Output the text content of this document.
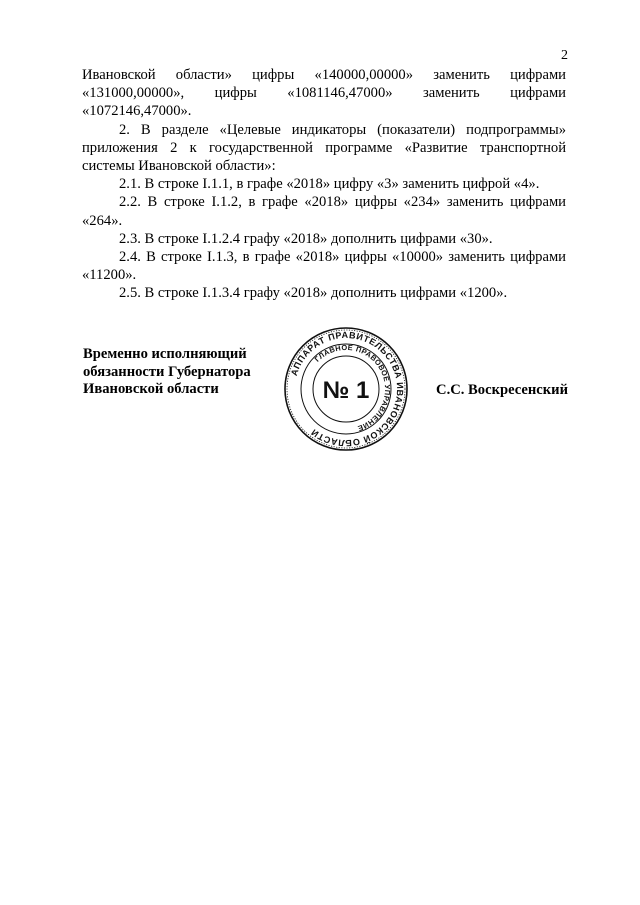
2

Ивановской области» цифры «140000,00000» заменить цифрами «131000,00000», цифры «1081146,47000» заменить цифрами «1072146,47000».

2. В разделе «Целевые индикаторы (показатели) подпрограммы» приложения 2 к государственной программе «Развитие транспортной системы Ивановской области»:

2.1. В строке I.1.1, в графе «2018» цифру «3» заменить цифрой «4».

2.2. В строке I.1.2, в графе «2018» цифры «234» заменить цифрами «264».

2.3. В строке I.1.2.4 графу «2018» дополнить цифрами «30».

2.4. В строке I.1.3, в графе «2018» цифры «10000» заменить цифрами «11200».

2.5. В строке I.1.3.4 графу «2018» дополнить цифрами «1200».

Временно исполняющий
обязанности Губернатора
Ивановской области
АППАРАТ ПРАВИТЕЛЬСТВА ИВАНОВСКОЙ ОБЛАСТИ
ГЛАВНОЕ ПРАВОВОЕ УПРАВЛЕНИЕ
№ 1	С.С. Воскресенский
